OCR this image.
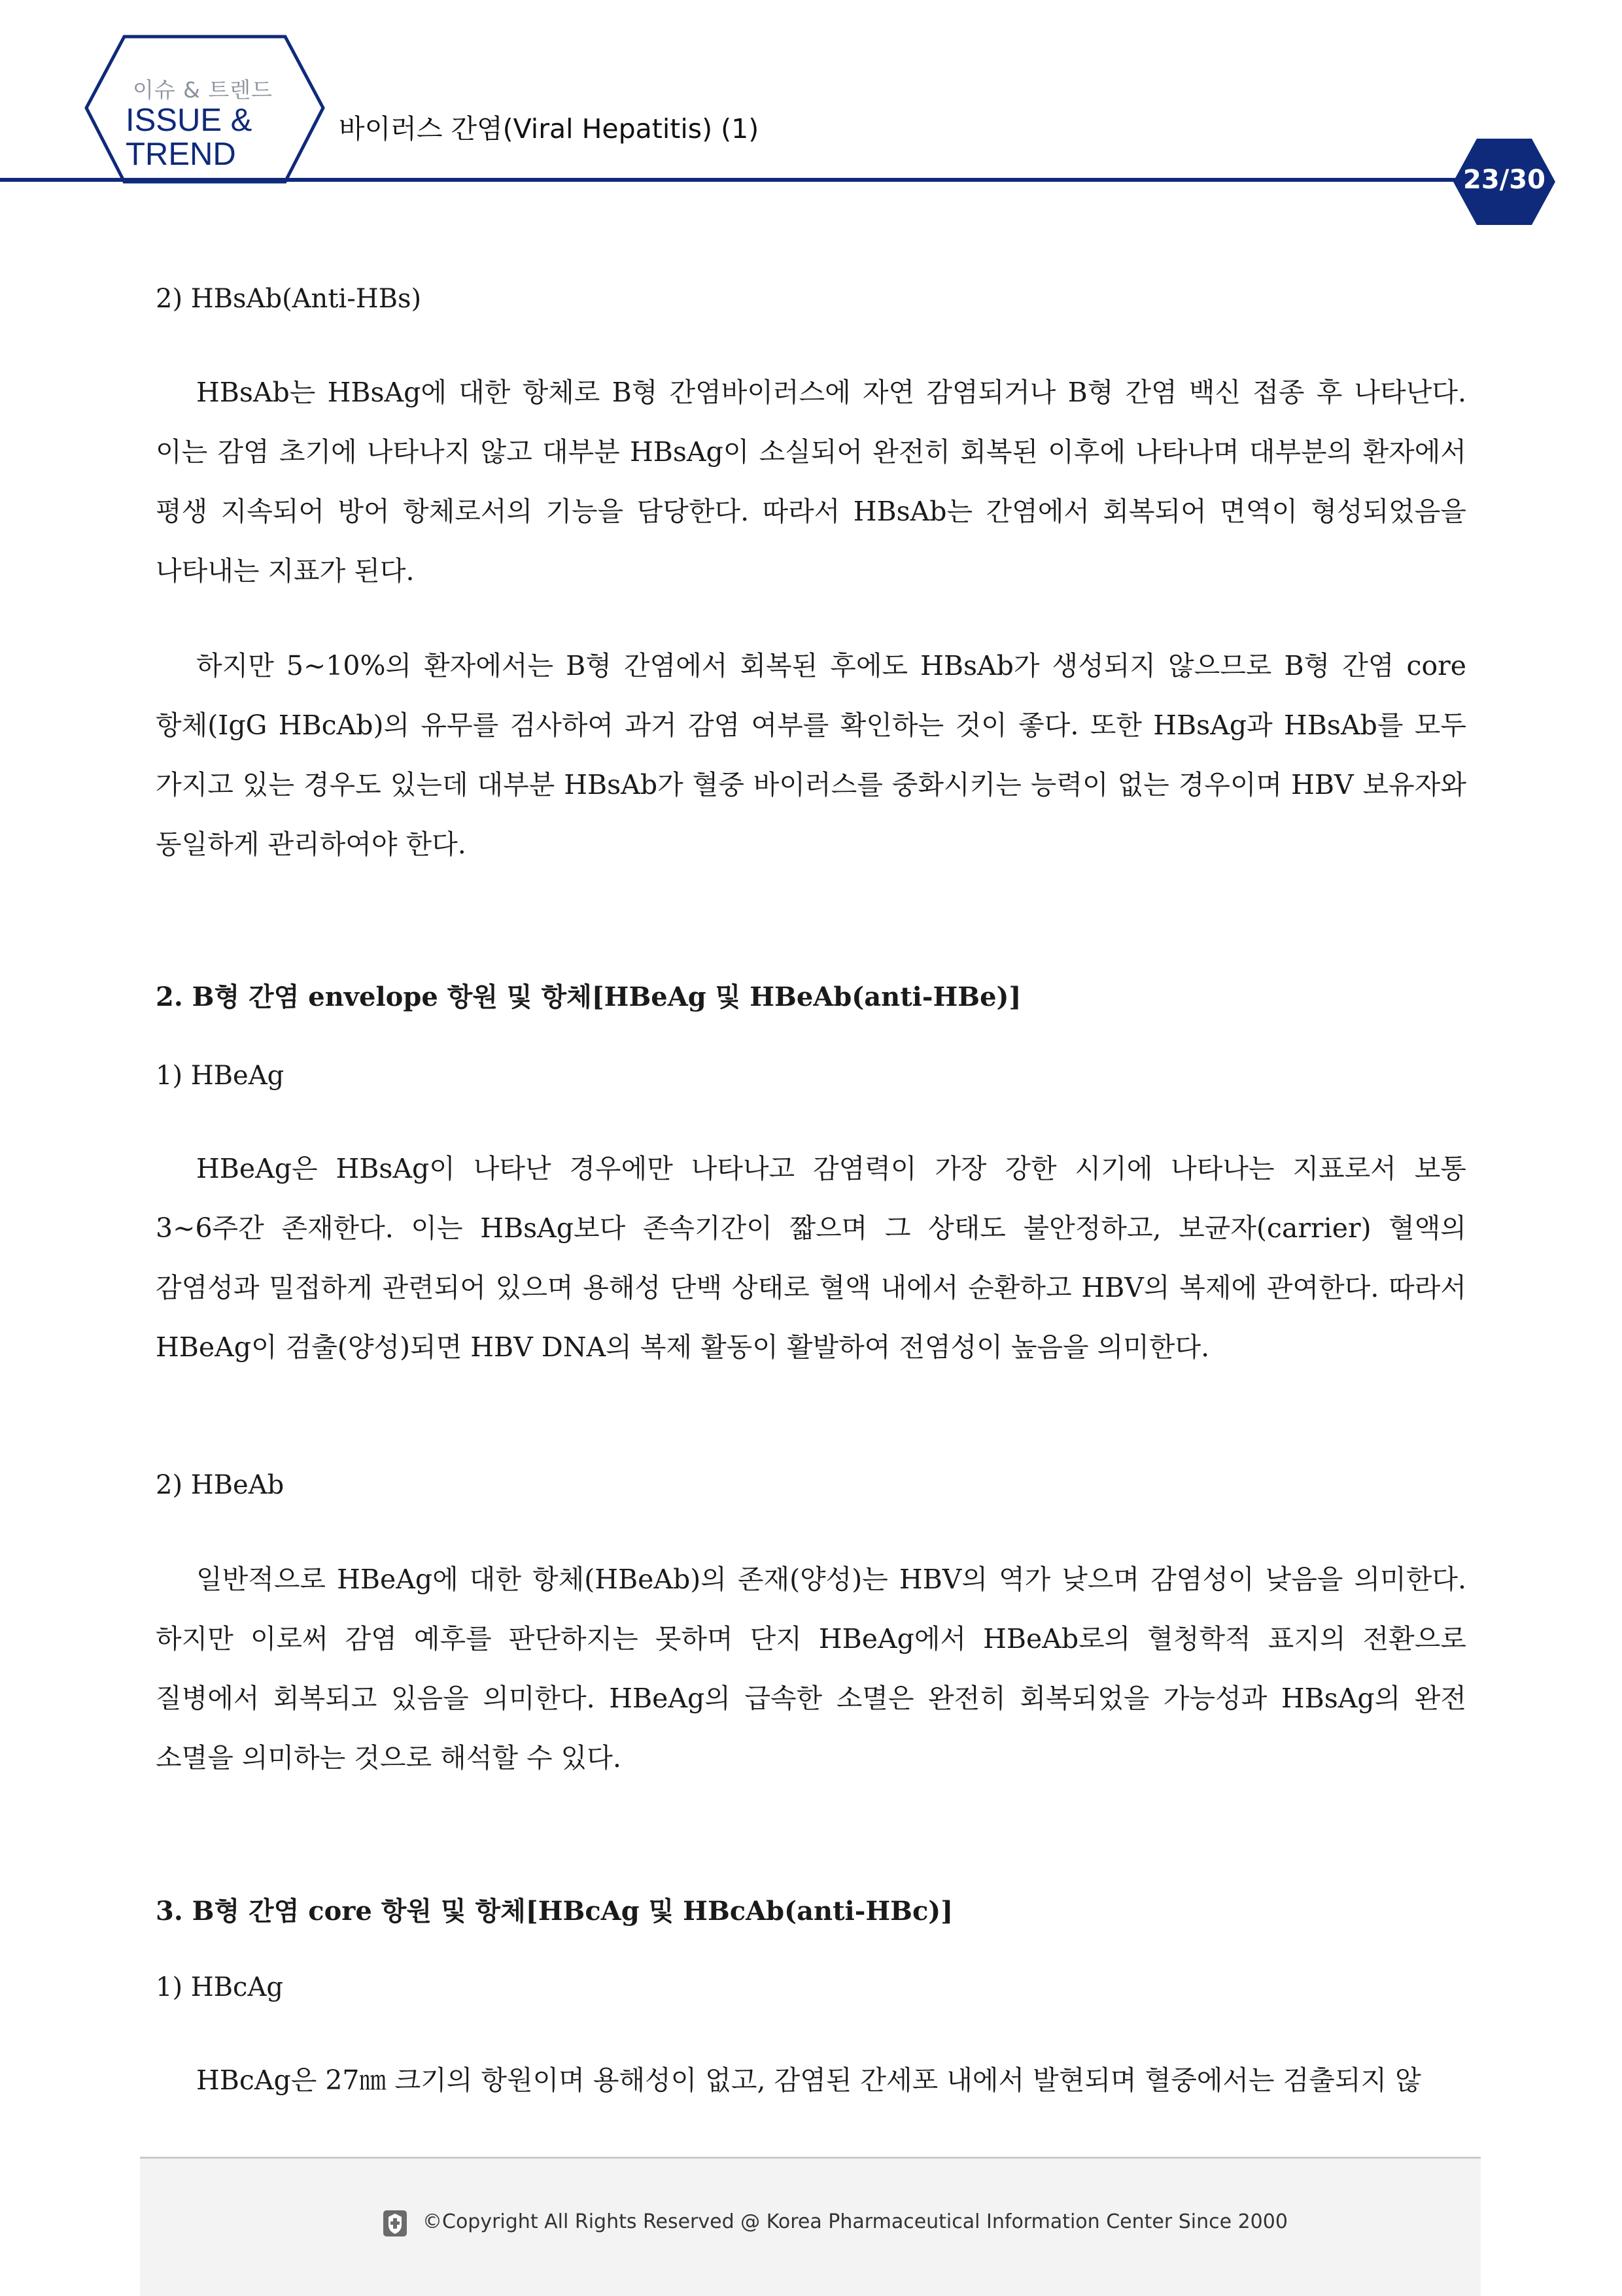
이슈 & 트렌드
ISSUE &
TREND
바이러스 간염(Viral Hepatitis) (1)
23/30
2) HBsAb(Anti-HBs)
HBsAb는 HBsAg에 대한 항체로 B형 간염바이러스에 자연 감염되거나 B형 간염 백신 접종 후 나타난다. 이는 감염 초기에 나타나지 않고 대부분 HBsAg이 소실되어 완전히 회복된 이후에 나타나며 대부분의 환자에서 평생 지속되어 방어 항체로서의 기능을 담당한다. 따라서 HBsAb는 간염에서 회복되어 면역이 형성되었음을 나타내는 지표가 된다.
하지만 5∼10%의 환자에서는 B형 간염에서 회복된 후에도 HBsAb가 생성되지 않으므로 B형 간염 core 항체(IgG HBcAb)의 유무를 검사하여 과거 감염 여부를 확인하는 것이 좋다. 또한 HBsAg과 HBsAb를 모두 가지고 있는 경우도 있는데 대부분 HBsAb가 혈중 바이러스를 중화시키는 능력이 없는 경우이며 HBV 보유자와 동일하게 관리하여야 한다.
2. B형 간염 envelope 항원 및 항체[HBeAg 및 HBeAb(anti-HBe)]
1) HBeAg
HBeAg은 HBsAg이 나타난 경우에만 나타나고 감염력이 가장 강한 시기에 나타나는 지표로서 보통 3∼6주간 존재한다. 이는 HBsAg보다 존속기간이 짧으며 그 상태도 불안정하고, 보균자(carrier) 혈액의 감염성과 밀접하게 관련되어 있으며 용해성 단백 상태로 혈액 내에서 순환하고 HBV의 복제에 관여한다. 따라서 HBeAg이 검출(양성)되면 HBV DNA의 복제 활동이 활발하여 전염성이 높음을 의미한다.
2) HBeAb
일반적으로 HBeAg에 대한 항체(HBeAb)의 존재(양성)는 HBV의 역가 낮으며 감염성이 낮음을 의미한다. 하지만 이로써 감염 예후를 판단하지는 못하며 단지 HBeAg에서 HBeAb로의 혈청학적 표지의 전환으로 질병에서 회복되고 있음을 의미한다. HBeAg의 급속한 소멸은 완전히 회복되었을 가능성과 HBsAg의 완전 소멸을 의미하는 것으로 해석할 수 있다.
3. B형 간염 core 항원 및 항체[HBcAg 및 HBcAb(anti-HBc)]
1) HBcAg
HBcAg은 27㎚ 크기의 항원이며 용해성이 없고, 감염된 간세포 내에서 발현되며 혈중에서는 검출되지 않
©Copyright All Rights Reserved @ Korea Pharmaceutical Information Center Since 2000
